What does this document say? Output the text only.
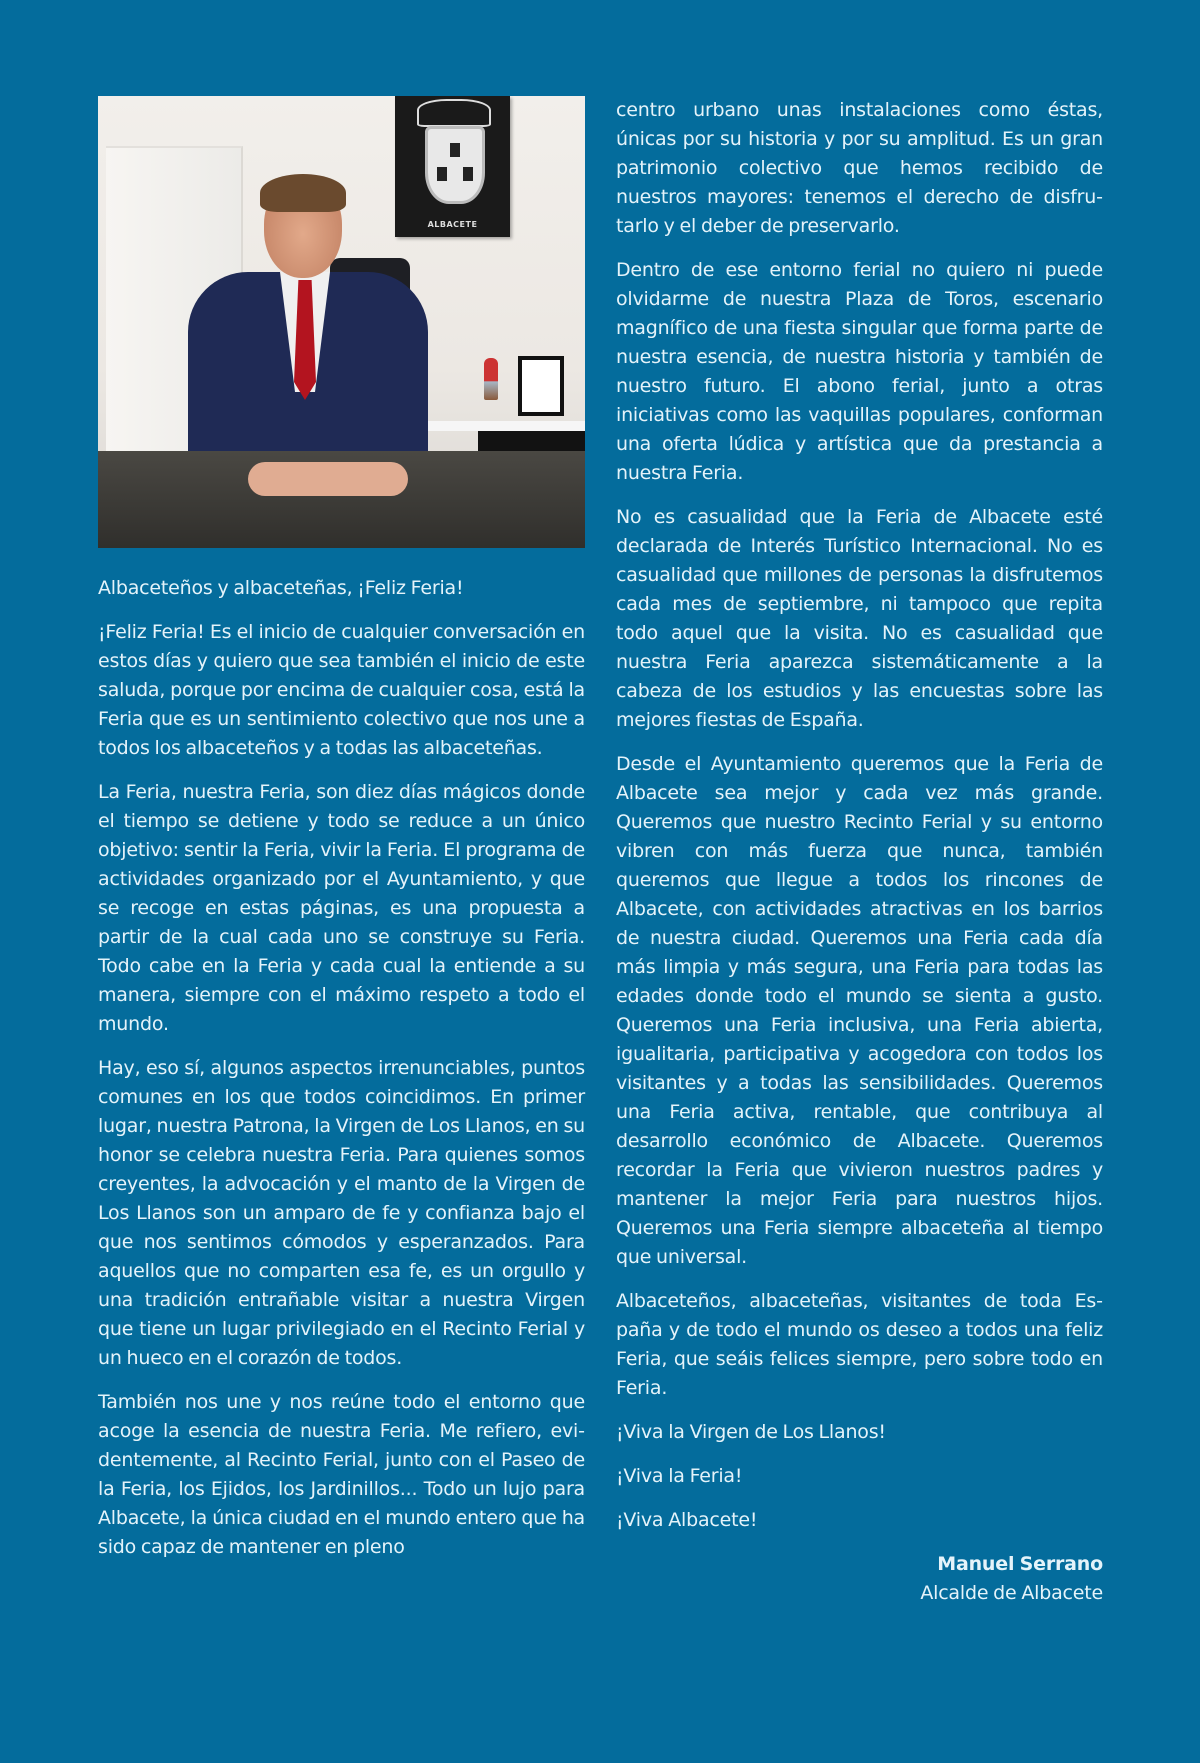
ALBACETE

Albaceteños y albaceteñas, ¡Feliz Feria!

¡Feliz Feria! Es el inicio de cualquier conversación en estos días y quiero que sea también el inicio de este saluda, porque por encima de cualquier cosa, está la Feria que es un sentimiento colectivo que nos une a todos los albaceteños y a todas las albaceteñas.

La Feria, nuestra Feria, son diez días mágicos donde el tiempo se detiene y todo se reduce a un único objetivo: sentir la Feria, vivir la Feria. El programa de actividades organizado por el Ayuntamiento, y que se recoge en estas páginas, es una propuesta a partir de la cual cada uno se construye su Feria. Todo cabe en la Feria y cada cual la entiende a su manera, siempre con el máximo respeto a todo el mundo.

Hay, eso sí, algunos aspectos irrenunciables, puntos comunes en los que todos coincidimos. En primer lugar, nuestra Patrona, la Virgen de Los Llanos, en su honor se celebra nuestra Feria. Para quienes somos creyentes, la advocación y el manto de la Virgen de Los Llanos son un amparo de fe y confianza bajo el que nos sentimos cómodos y esperanzados. Para aquellos que no comparten esa fe, es un orgullo y una tradición entrañable visitar a nuestra Virgen que tiene un lugar privilegiado en el Recinto Ferial y un hueco en el corazón de todos.

También nos une y nos reúne todo el entorno que acoge la esencia de nuestra Feria. Me refiero, evidentemente, al Recinto Ferial, junto con el Paseo de la Feria, los Ejidos, los Jardinillos... Todo un lujo para Albacete, la única ciudad en el mundo entero que ha sido capaz de mantener en pleno

centro urbano unas instalaciones como éstas, únicas por su historia y por su amplitud. Es un gran patrimonio colectivo que hemos recibido de nuestros mayores: tenemos el derecho de disfrutarlo y el deber de preservarlo.

Dentro de ese entorno ferial no quiero ni puede olvidarme de nuestra Plaza de Toros, escenario magnífico de una fiesta singular que forma parte de nuestra esencia, de nuestra historia y también de nuestro futuro. El abono ferial, junto a otras iniciativas como las vaquillas populares, conforman una oferta lúdica y artística que da prestancia a nuestra Feria.

No es casualidad que la Feria de Albacete esté declarada de Interés Turístico Internacional. No es casualidad que millones de personas la disfrutemos cada mes de septiembre, ni tampoco que repita todo aquel que la visita. No es casualidad que nuestra Feria aparezca sistemáticamente a la cabeza de los estudios y las encuestas sobre las mejores fiestas de España.

Desde el Ayuntamiento queremos que la Feria de Albacete sea mejor y cada vez más grande. Queremos que nuestro Recinto Ferial y su entorno vibren con más fuerza que nunca, también queremos que llegue a todos los rincones de Albacete, con actividades atractivas en los barrios de nuestra ciudad. Queremos una Feria cada día más limpia y más segura, una Feria para todas las edades donde todo el mundo se sienta a gusto. Queremos una Feria inclusiva, una Feria abierta, igualitaria, participativa y acogedora con todos los visitantes y a todas las sensibilidades. Queremos una Feria activa, rentable, que contribuya al desarrollo económico de Albacete. Queremos recordar la Feria que vivieron nuestros padres y mantener la mejor Feria para nuestros hijos. Queremos una Feria siempre albaceteña al tiempo que universal.

Albaceteños, albaceteñas, visitantes de toda España y de todo el mundo os deseo a todos una feliz Feria, que seáis felices siempre, pero sobre todo en Feria.

¡Viva la Virgen de Los Llanos!

¡Viva la Feria!

¡Viva Albacete!

Manuel Serrano
Alcalde de Albacete
